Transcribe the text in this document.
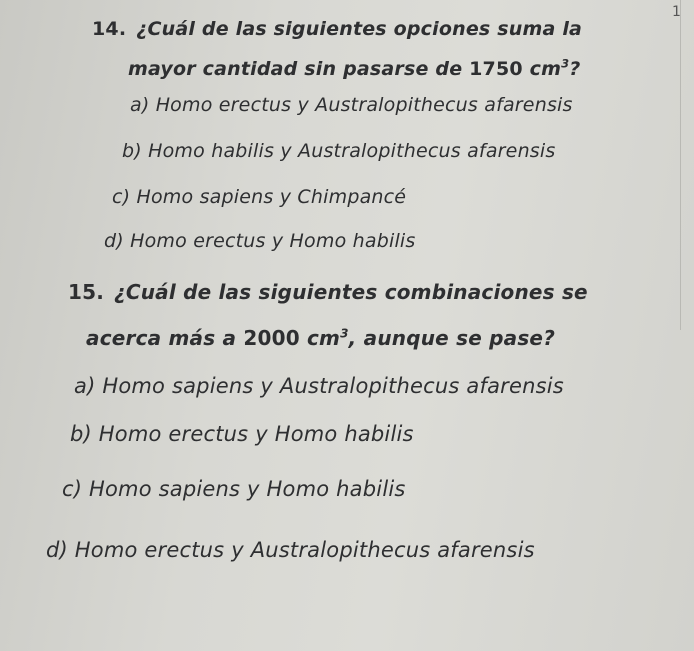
1
14. ¿Cuál de las siguientes opciones suma la
mayor cantidad sin pasarse de 1750 $cm^3$?
a) Homo erectus y Australopithecus afarensis
b) Homo habilis y Australopithecus afarensis
c) Homo sapiens y Chimpancé
d) Homo erectus y Homo habilis
15. ¿Cuál de las siguientes combinaciones se
acerca más a 2000 $cm^3$, aunque se pase?
a) Homo sapiens y Australopithecus afarensis
b) Homo erectus y Homo habilis
c) Homo sapiens y Homo habilis
d) Homo erectus y Australopithecus afarensis
